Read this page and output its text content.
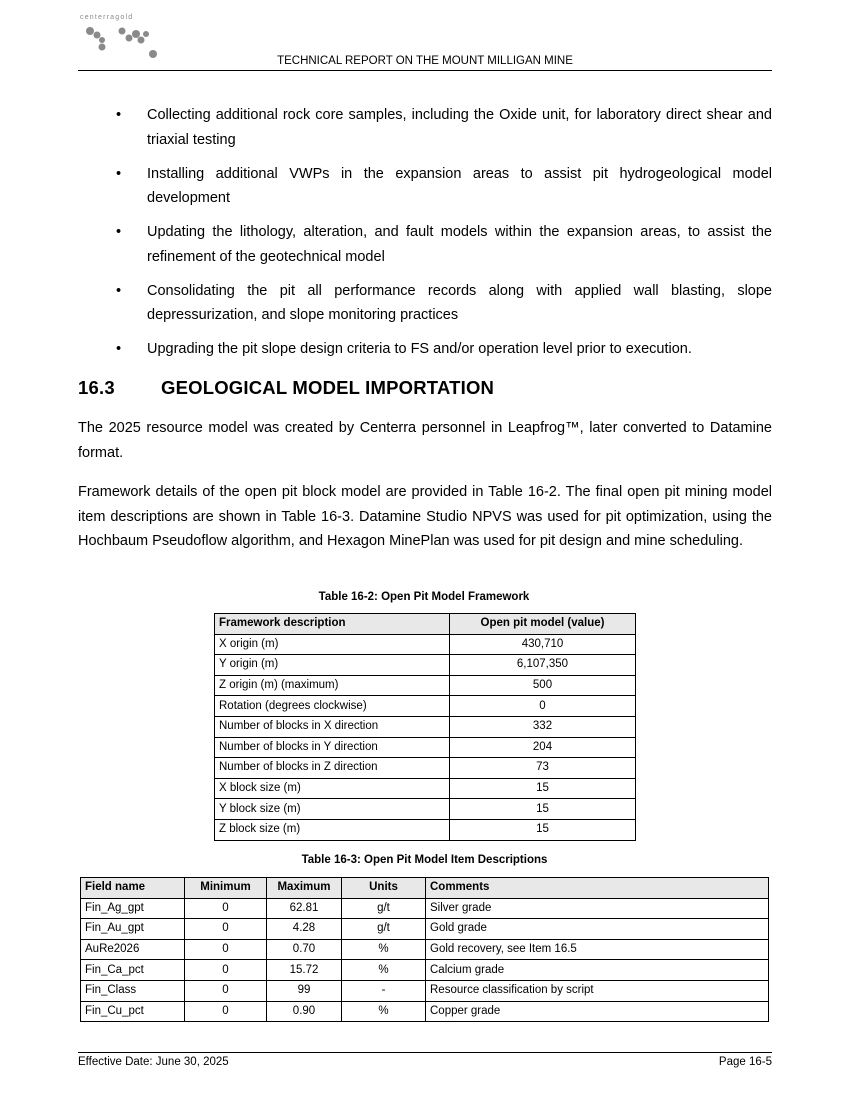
centerragold
TECHNICAL REPORT ON THE MOUNT MILLIGAN MINE
• Collecting additional rock core samples, including the Oxide unit, for laboratory direct shear and triaxial testing
• Installing additional VWPs in the expansion areas to assist pit hydrogeological model development
• Updating the lithology, alteration, and fault models within the expansion areas, to assist the refinement of the geotechnical model
• Consolidating the pit all performance records along with applied wall blasting, slope depressurization, and slope monitoring practices
• Upgrading the pit slope design criteria to FS and/or operation level prior to execution.
16.3 GEOLOGICAL MODEL IMPORTATION

The 2025 resource model was created by Centerra personnel in Leapfrog™, later converted to Datamine format.

Framework details of the open pit block model are provided in Table 16-2. The final open pit mining model item descriptions are shown in Table 16-3. Datamine Studio NPVS was used for pit optimization, using the Hochbaum Pseudoflow algorithm, and Hexagon MinePlan was used for pit design and mine scheduling.

Table 16-2: Open Pit Model Framework
Framework description	Open pit model (value)
X origin (m)	430,710
Y origin (m)	6,107,350
Z origin (m) (maximum)	500
Rotation (degrees clockwise)	0
Number of blocks in X direction	332
Number of blocks in Y direction	204
Number of blocks in Z direction	73
X block size (m)	15
Y block size (m)	15
Z block size (m)	15
Table 16-3: Open Pit Model Item Descriptions
Field name	Minimum	Maximum	Units	Comments
Fin_Ag_gpt	0	62.81	g/t	Silver grade
Fin_Au_gpt	0	4.28	g/t	Gold grade
AuRe2026	0	0.70	%	Gold recovery, see Item 16.5
Fin_Ca_pct	0	15.72	%	Calcium grade
Fin_Class	0	99	-	Resource classification by script
Fin_Cu_pct	0	0.90	%	Copper grade
Effective Date: June 30, 2025	Page 16-5
